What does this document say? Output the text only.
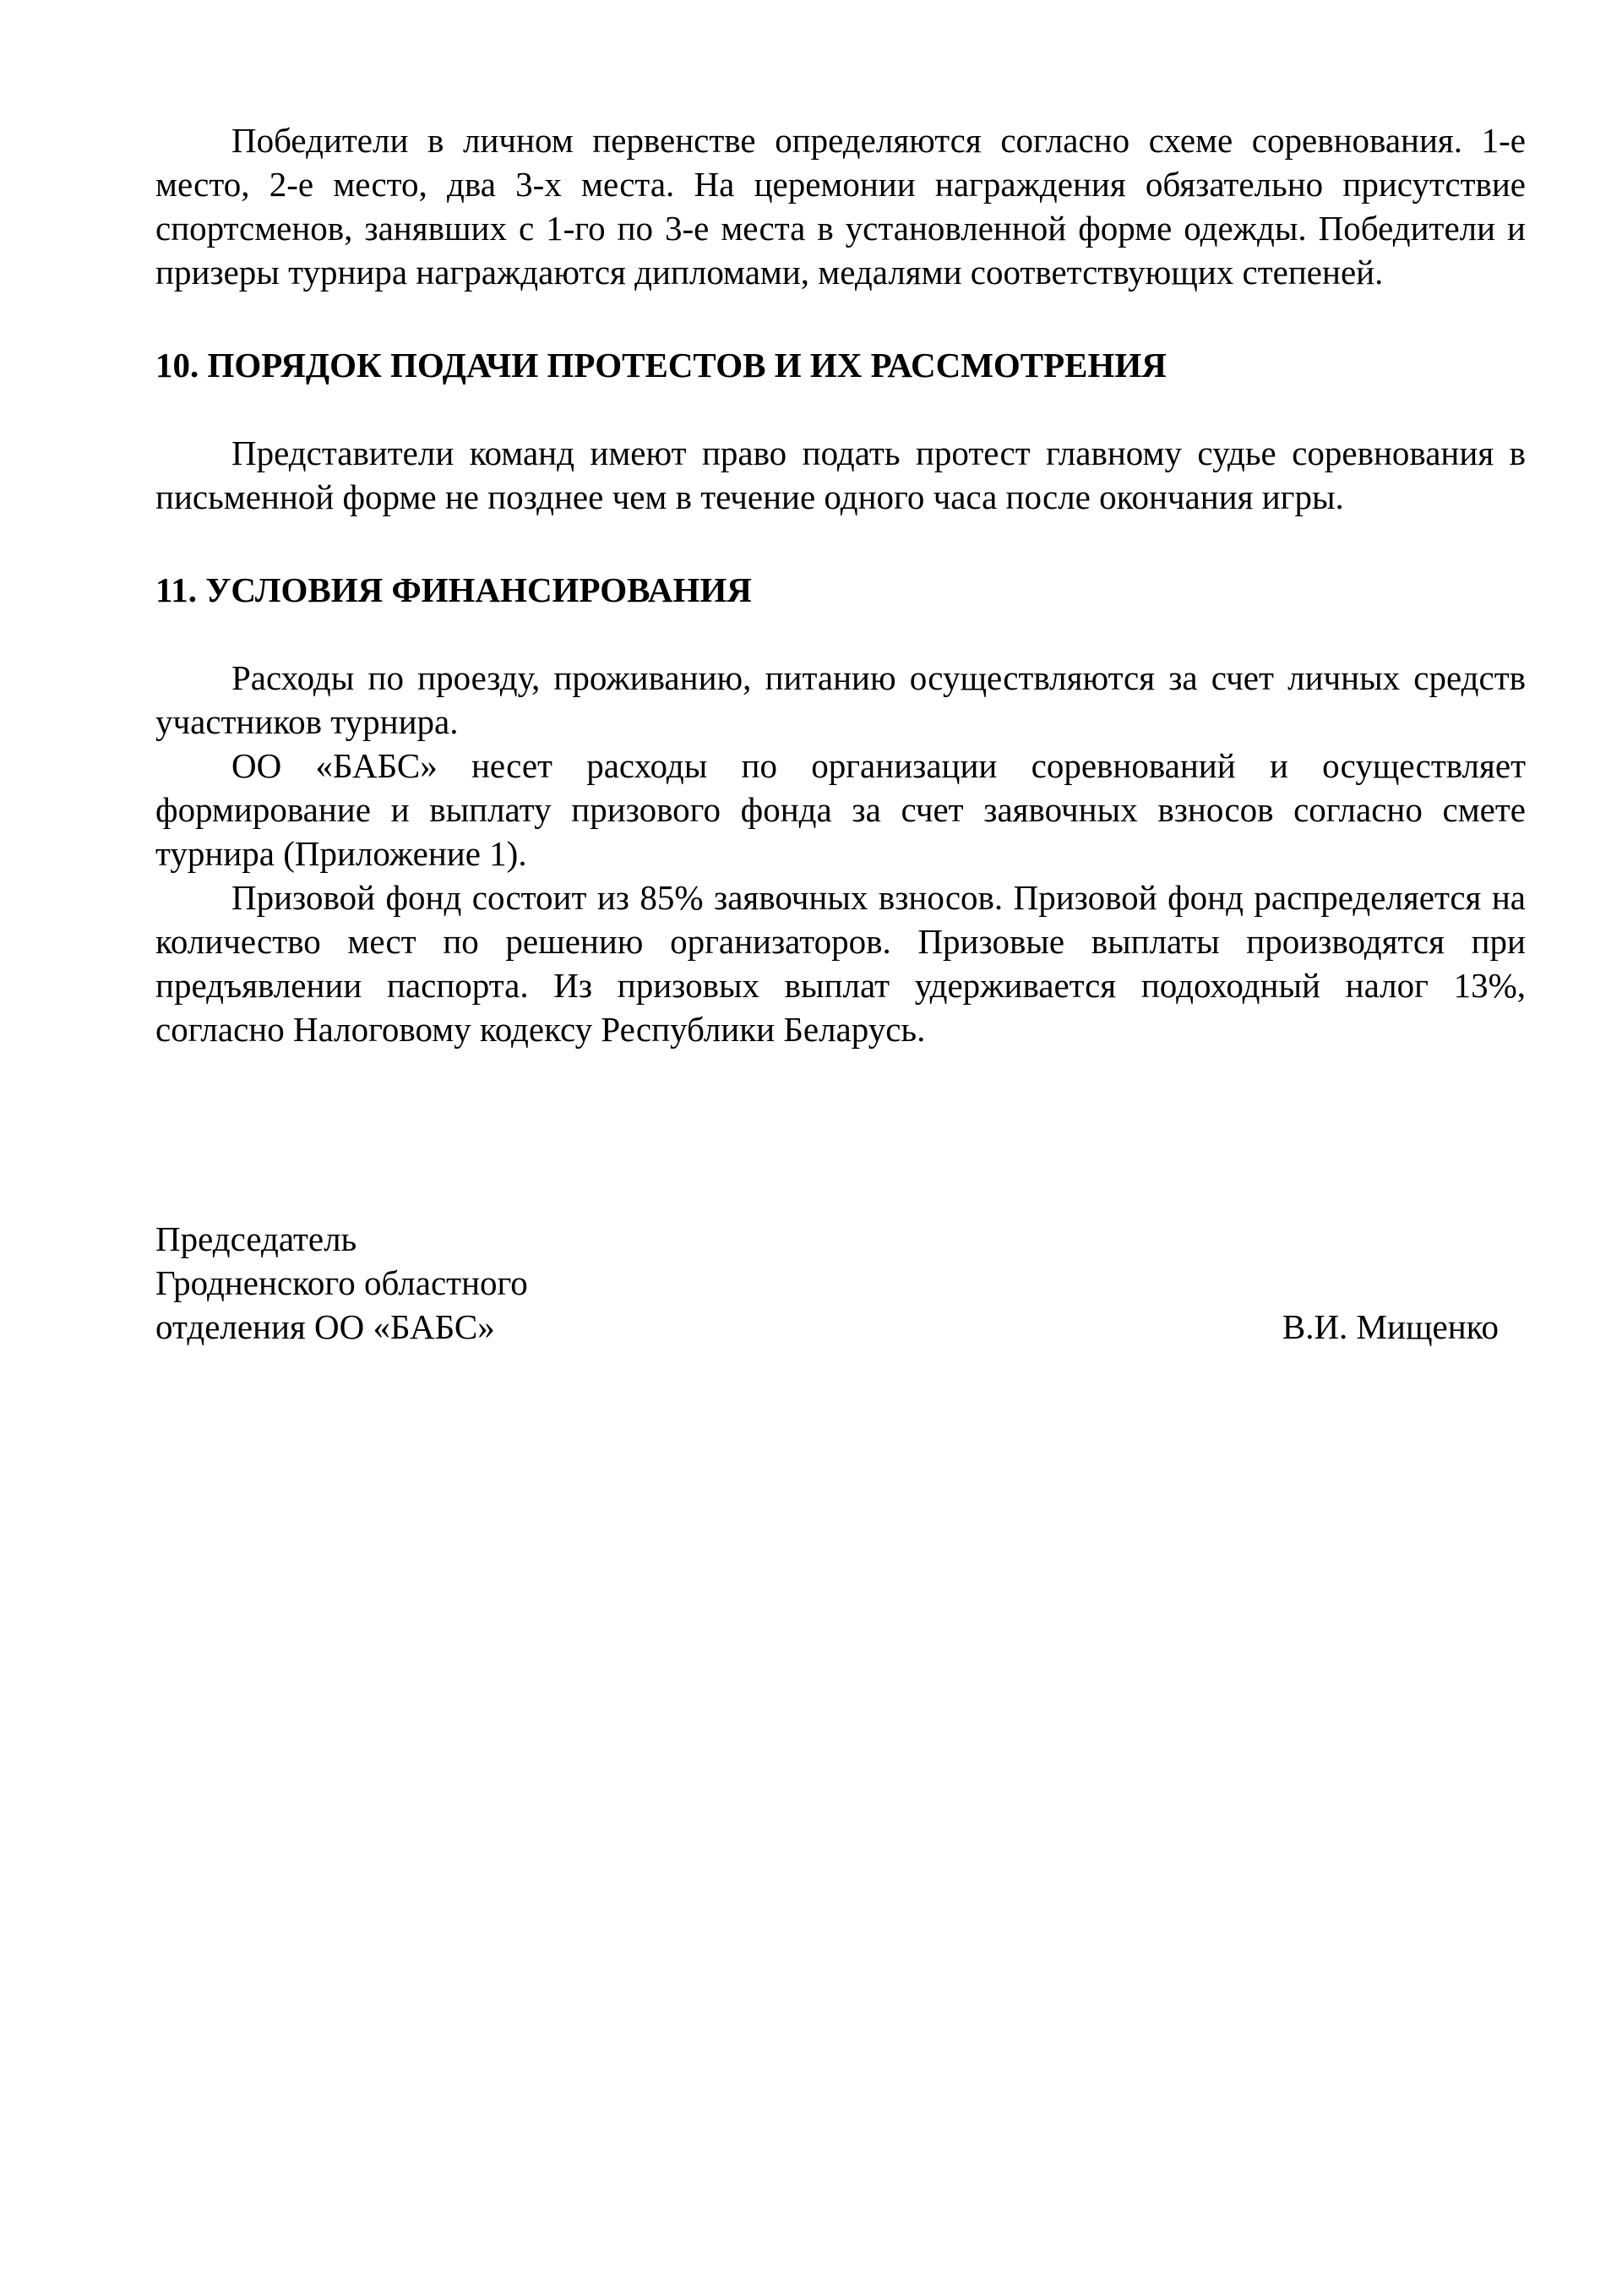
Победители в личном первенстве определяются согласно схеме соревнования. 1-е место, 2-е место, два 3-х места. На церемонии награждения обязательно присутствие спортсменов, занявших с 1-го по 3-е места в установленной форме одежды. Победители и призеры турнира награждаются дипломами, медалями соответствующих степеней.

10. ПОРЯДОК ПОДАЧИ ПРОТЕСТОВ И ИХ РАССМОТРЕНИЯ

Представители команд имеют право подать протест главному судье соревнования в письменной форме не позднее чем в течение одного часа после окончания игры.

11. УСЛОВИЯ ФИНАНСИРОВАНИЯ

Расходы по проезду, проживанию, питанию осуществляются за счет личных средств участников турнира.

ОО «БАБС» несет расходы по организации соревнований и осуществляет формирование и выплату призового фонда за счет заявочных взносов согласно смете турнира (Приложение 1).

Призовой фонд состоит из 85% заявочных взносов. Призовой фонд распределяется на количество мест по решению организаторов. Призовые выплаты производятся при предъявлении паспорта. Из призовых выплат удерживается подоходный налог 13%, согласно Налоговому кодексу Республики Беларусь.

Председатель
Гродненского областного
отделения ОО «БАБС»	В.И. Мищенко
